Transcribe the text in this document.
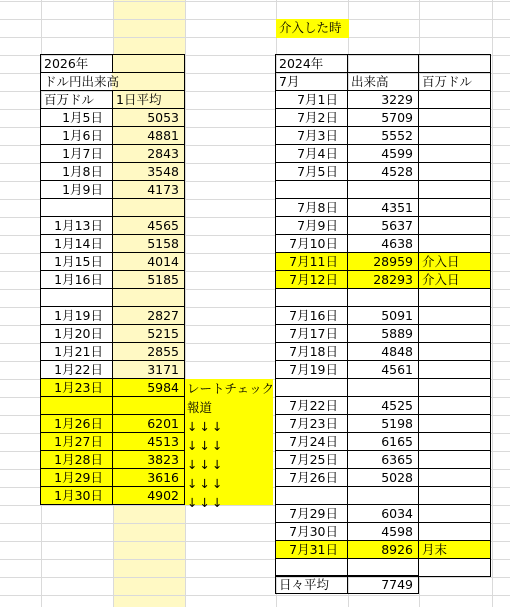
介入した時
2026年
ドル円出来高
百万ドル	1日平均
1月5日	5053
1月6日	4881
1月7日	2843
1月8日	3548
1月9日	4173
1月13日	4565
1月14日	5158
1月15日	4014
1月16日	5185
1月19日	2827
1月20日	5215
1月21日	2855
1月22日	3171
1月23日	5984
1月26日	6201
1月27日	4513
1月28日	3823
1月29日	3616
1月30日	4902
レートチェック
報道
↓↓↓
↓↓↓
↓↓↓
↓↓↓
↓↓↓
2024年
7月	出来高	百万ドル
7月1日	3229
7月2日	5709
7月3日	5552
7月4日	4599
7月5日	4528
7月8日	4351
7月9日	5637
7月10日	4638
7月11日	28959 介入日
7月12日	28293 介入日
7月16日	5091
7月17日	5889
7月18日	4848
7月19日	4561
7月22日	4525
7月23日	5198
7月24日	6165
7月25日	6365
7月26日	5028
7月29日	6034
7月30日	4598
7月31日	8926 月末
日々平均	7749
